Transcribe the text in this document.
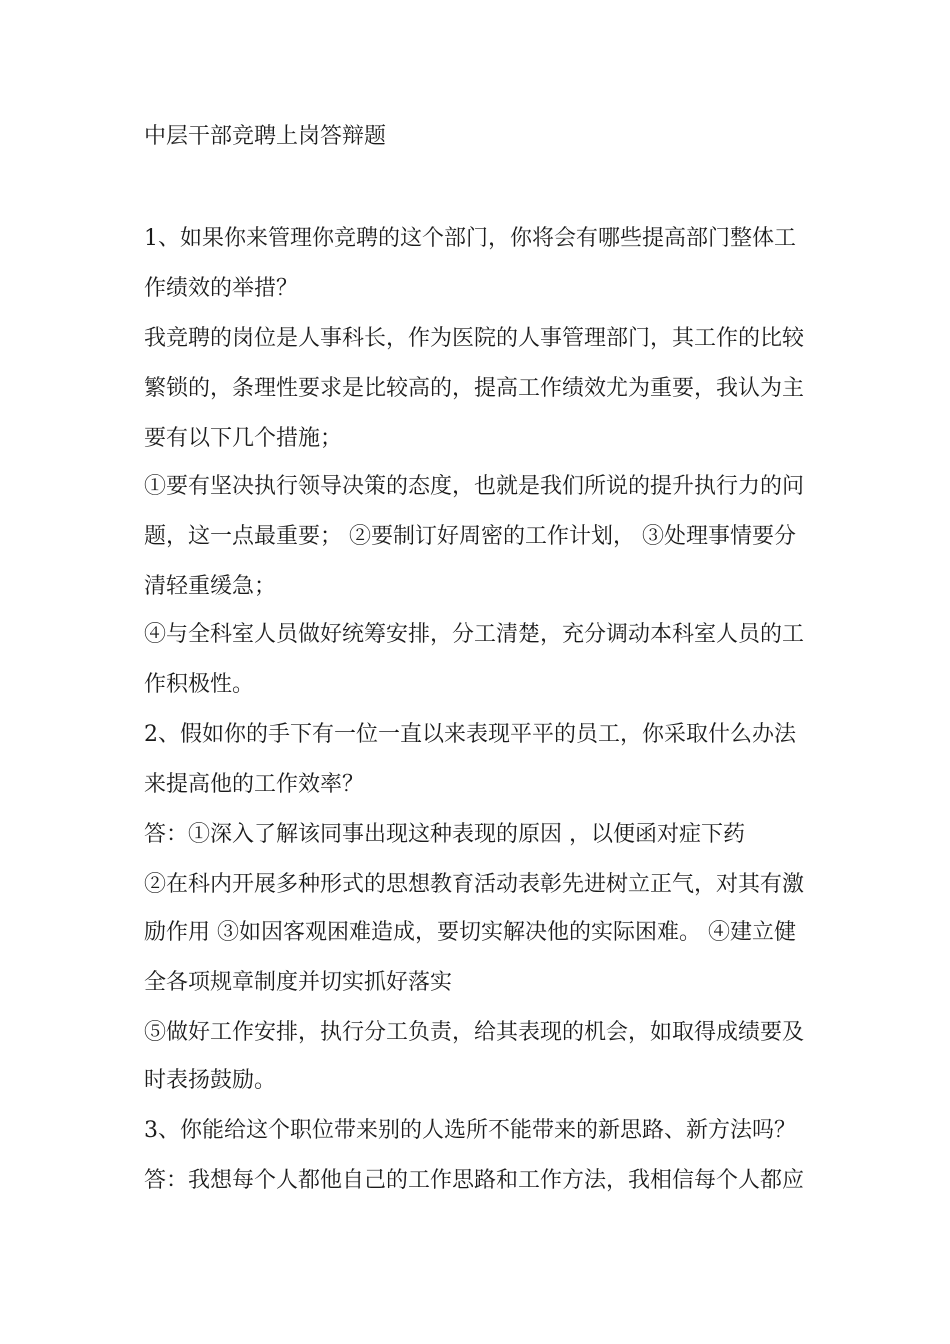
中层干部竞聘上岗答辩题
1、如果你来管理你竞聘的这个部门，你将会有哪些提高部门整体工
作绩效的举措？
我竞聘的岗位是人事科长，作为医院的人事管理部门，其工作的比较
繁锁的，条理性要求是比较高的，提高工作绩效尤为重要，我认为主
要有以下几个措施；
①要有坚决执行领导决策的态度，也就是我们所说的提升执行力的问
题，这一点最重要； ②要制订好周密的工作计划， ③处理事情要分
清轻重缓急；
④与全科室人员做好统筹安排，分工清楚，充分调动本科室人员的工
作积极性。
2、假如你的手下有一位一直以来表现平平的员工，你采取什么办法
来提高他的工作效率？
答：①深入了解该同事出现这种表现的原因 ，以便函对症下药
②在科内开展多种形式的思想教育活动表彰先进树立正气，对其有激
励作用 ③如因客观困难造成，要切实解决他的实际困难。 ④建立健
全各项规章制度并切实抓好落实
⑤做好工作安排，执行分工负责，给其表现的机会，如取得成绩要及
时表扬鼓励。
3、你能给这个职位带来别的人选所不能带来的新思路、新方法吗？
答：我想每个人都他自己的工作思路和工作方法，我相信每个人都应
